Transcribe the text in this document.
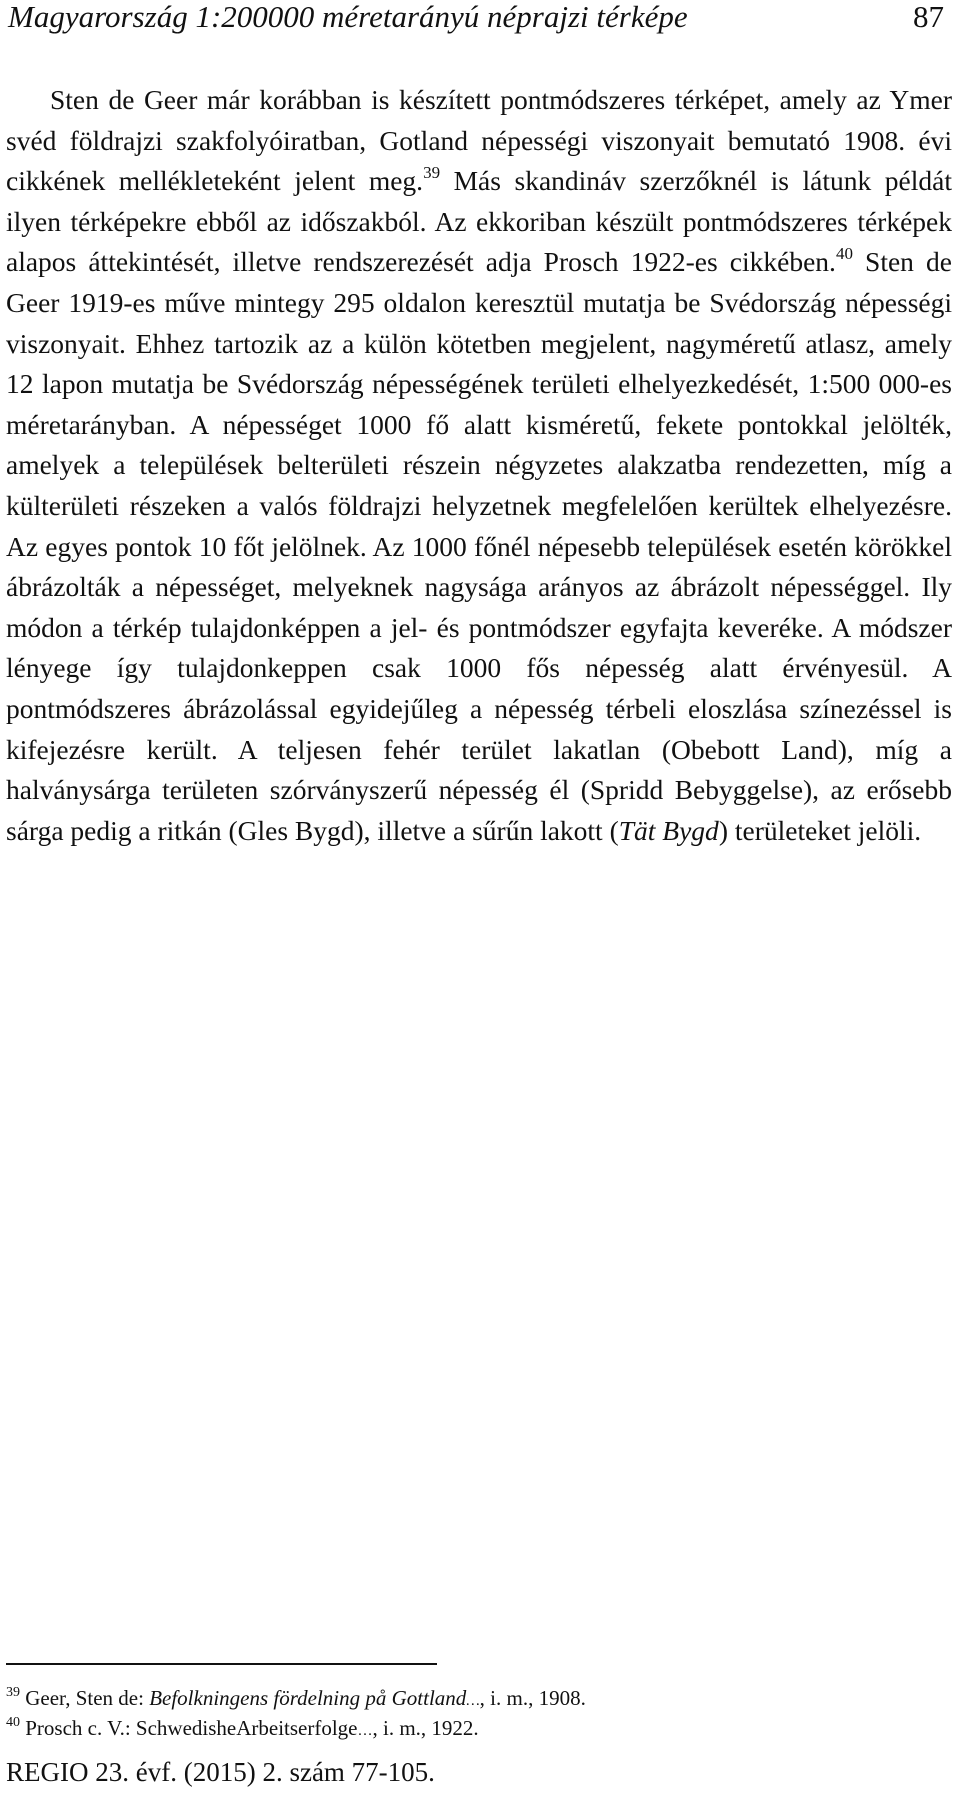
Magyarország 1:200000 méretarányú néprajzi térképe	87

Sten de Geer már korábban is készített pontmódszeres térképet, amely az Ymer svéd földrajzi szakfolyóiratban, Gotland népességi viszonyait bemutató 1908. évi cikkének mellékleteként jelent meg.$^{39}$ Más skandináv szerzőknél is látunk példát ilyen térképekre ebből az időszakból. Az ekkoriban készült pontmódszeres térképek alapos áttekintését, illetve rendszerezését adja Prosch 1922-es cikkében.$^{40}$ Sten de Geer 1919-es műve mintegy 295 oldalon keresztül mutatja be Svédország népességi viszonyait. Ehhez tartozik az a külön kötetben megjelent, nagyméretű atlasz, amely 12 lapon mutatja be Svédország népességének területi elhelyezkedését, 1:500 000-es méretarányban. A népességet 1000 fő alatt kisméretű, fekete pontokkal jelölték, amelyek a települések belterületi részein négyzetes alakzatba rendezetten, míg a külterületi részeken a valós földrajzi helyzetnek megfelelően kerültek elhelyezésre. Az egyes pontok 10 főt jelölnek. Az 1000 főnél népesebb települések esetén körökkel ábrázolták a népességet, melyeknek nagysága arányos az ábrázolt népességgel. Ily módon a térkép tulajdonképpen a jel- és pontmódszer egyfajta keveréke. A módszer lényege így tulajdonkeppen csak 1000 fős népesség alatt érvényesül. A pontmódszeres ábrázolással egyidejűleg a népesség térbeli eloszlása színezéssel is kifejezésre került. A teljesen fehér terület lakatlan (Obebott Land), míg a halványsárga területen szórványszerű népesség él (Spridd Bebyggelse), az erősebb sárga pedig a ritkán (Gles Bygd), illetve a sűrűn lakott (Tät Bygd) területeket jelöli.

$^{39}$ Geer, Sten de: Befolkningens fördelning på Gottland…, i. m., 1908.
$^{40}$ Prosch c. V.: SchwedisheArbeitserfolge…, i. m., 1922.
REGIO 23. évf. (2015) 2. szám 77-105.
